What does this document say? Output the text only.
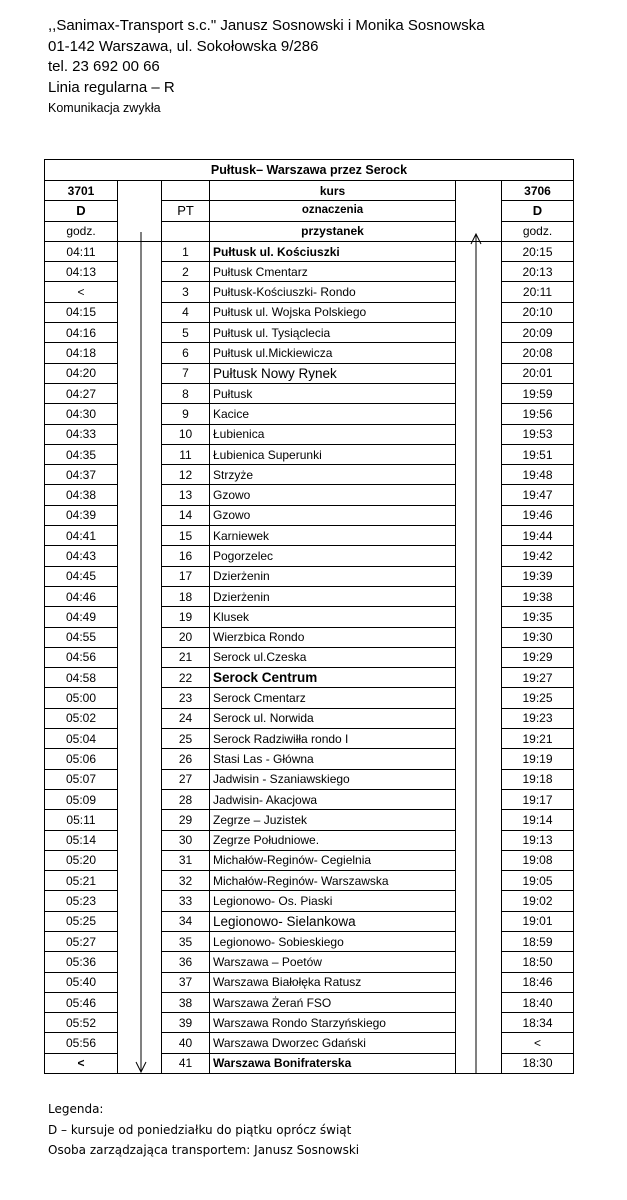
,,Sanimax-Transport s.c." Janusz Sosnowski i Monika Sosnowska
01-142 Warszawa, ul. Sokołowska 9/286
tel. 23 692 00 66
Linia regularna – R
Komunikacja zwykła
Pułtusk– Warszawa przez Serock					
3701			kurs		3706
D		PT	oznaczenia		D
godz.			przystanek		godz.
04:11		1	Pułtusk ul. Kościuszki		20:15
04:13		2	Pułtusk Cmentarz		20:13
<		3	Pułtusk-Kościuszki- Rondo		20:11
04:15		4	Pułtusk ul. Wojska Polskiego		20:10
04:16		5	Pułtusk ul. Tysiąclecia		20:09
04:18		6	Pułtusk ul.Mickiewicza		20:08
04:20		7	Pułtusk Nowy Rynek		20:01
04:27		8	Pułtusk		19:59
04:30		9	Kacice		19:56
04:33		10	Łubienica		19:53
04:35		11	Łubienica Superunki		19:51
04:37		12	Strzyże		19:48
04:38		13	Gzowo		19:47
04:39		14	Gzowo		19:46
04:41		15	Karniewek		19:44
04:43		16	Pogorzelec		19:42
04:45		17	Dzierżenin		19:39
04:46		18	Dzierżenin		19:38
04:49		19	Klusek		19:35
04:55		20	Wierzbica Rondo		19:30
04:56		21	Serock ul.Czeska		19:29
04:58		22	Serock Centrum		19:27
05:00		23	Serock Cmentarz		19:25
05:02		24	Serock ul. Norwida		19:23
05:04		25	Serock Radziwiłła rondo I		19:21
05:06		26	Stasi Las - Główna		19:19
05:07		27	Jadwisin - Szaniawskiego		19:18
05:09		28	Jadwisin- Akacjowa		19:17
05:11		29	Zegrze – Juzistek		19:14
05:14		30	Zegrze Południowe.		19:13
05:20		31	Michałów-Reginów- Cegielnia		19:08
05:21		32	Michałów-Reginów- Warszawska		19:05
05:23		33	Legionowo- Os. Piaski		19:02
05:25		34	Legionowo- Sielankowa		19:01
05:27		35	Legionowo- Sobieskiego		18:59
05:36		36	Warszawa – Poetów		18:50
05:40		37	Warszawa Białołęka Ratusz		18:46
05:46		38	Warszawa Żerań FSO		18:40
05:52		39	Warszawa Rondo Starzyńskiego		18:34
05:56		40	Warszawa Dworzec Gdański		<
<		41	Warszawa Bonifraterska		18:30
Legenda:
D – kursuje od poniedziałku do piątku oprócz świąt
Osoba zarządzająca transportem: Janusz Sosnowski
